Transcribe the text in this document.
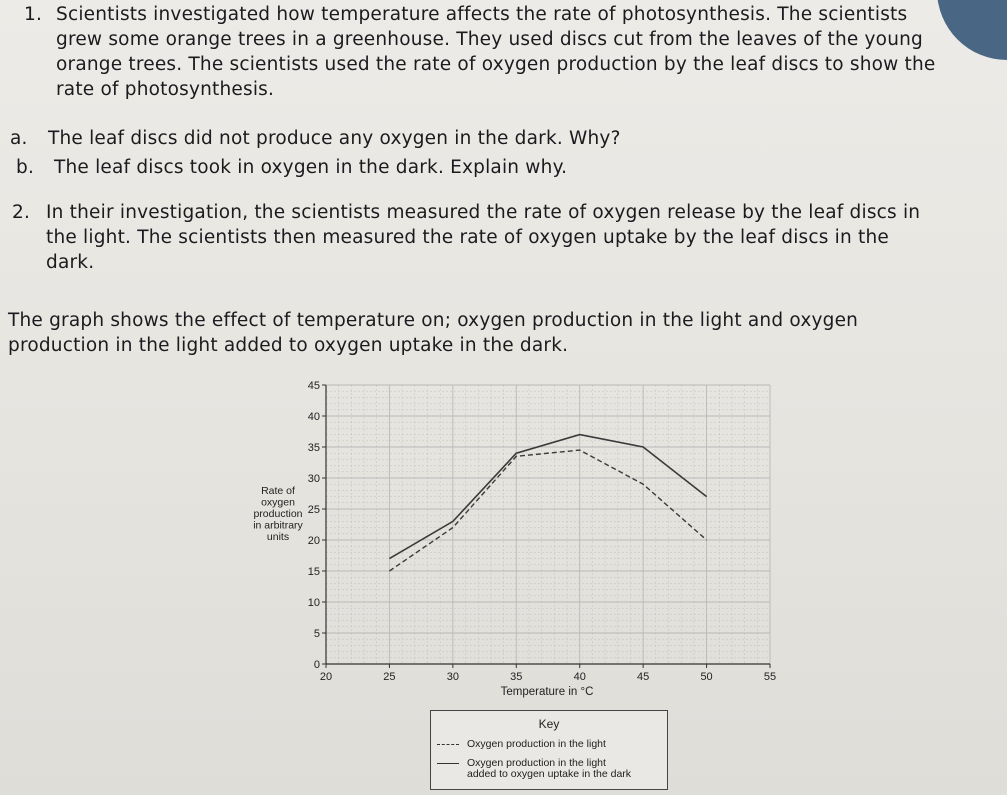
1. Scientists investigated how temperature affects the rate of photosynthesis. The scientists grew some orange trees in a greenhouse. They used discs cut from the leaves of the young orange trees. The scientists used the rate of oxygen production by the leaf discs to show the rate of photosynthesis.
a. The leaf discs did not produce any oxygen in the dark. Why?
b. The leaf discs took in oxygen in the dark. Explain why.
2. In their investigation, the scientists measured the rate of oxygen release by the leaf discs in the light. The scientists then measured the rate of oxygen uptake by the leaf discs in the dark.
The graph shows the effect of temperature on; oxygen production in the light and oxygen production in the light added to oxygen uptake in the dark.
0
5
10
15
20
25
30
35
40
45
20	25	30	35	40	45	50	55
Rate of
oxygen
production
in arbitrary
units
Temperature in °C
Key
Oxygen production in the light
Oxygen production in the light
added to oxygen uptake in the dark
